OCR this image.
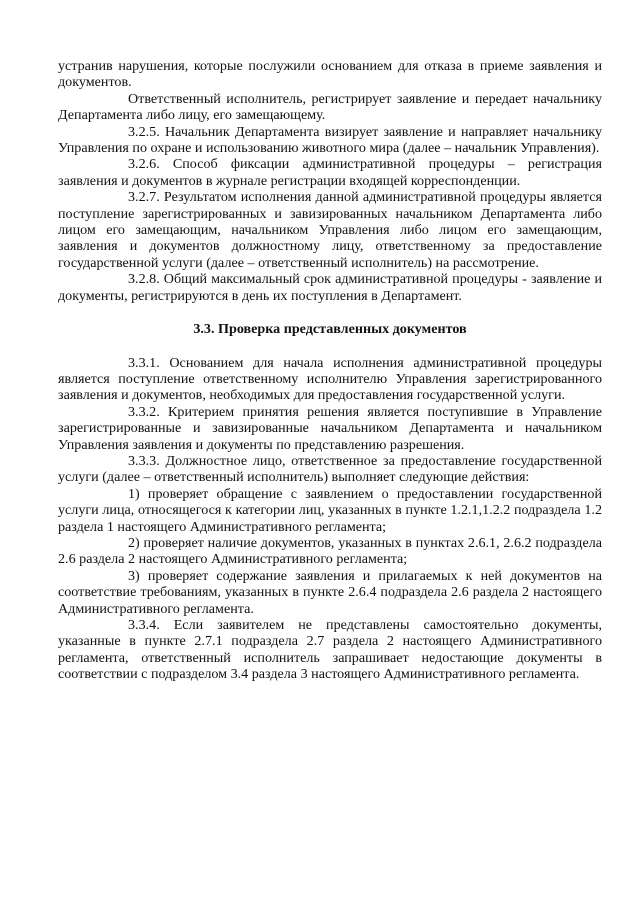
устранив нарушения, которые послужили основанием для отказа в приеме заявления и документов.

Ответственный исполнитель, регистрирует заявление и передает начальнику Департамента либо лицу, его замещающему.

3.2.5. Начальник Департамента визирует заявление и направляет начальнику Управления по охране и использованию животного мира (далее – начальник Управления).

3.2.6. Способ фиксации административной процедуры – регистрация заявления и документов в журнале регистрации входящей корреспонденции.

3.2.7. Результатом исполнения данной административной процедуры является поступление зарегистрированных и завизированных начальником Департамента либо лицом его замещающим, начальником Управления либо лицом его замещающим, заявления и документов должностному лицу, ответственному за предоставление государственной услуги (далее – ответственный исполнитель) на рассмотрение.

3.2.8. Общий максимальный срок административной процедуры - заявление и документы, регистрируются в день их поступления в Департамент.

3.3. Проверка представленных документов

3.3.1. Основанием для начала исполнения административной процедуры является поступление ответственному исполнителю Управления зарегистрированного заявления и документов, необходимых для предоставления государственной услуги.

3.3.2. Критерием принятия решения является поступившие в Управление зарегистрированные и завизированные начальником Департамента и начальником Управления заявления и документы по представлению разрешения.

3.3.3. Должностное лицо, ответственное за предоставление государственной услуги (далее – ответственный исполнитель) выполняет следующие действия:

1) проверяет обращение с заявлением о предоставлении государственной услуги лица, относящегося к категории лиц, указанных в пункте 1.2.1,1.2.2 подраздела 1.2 раздела 1 настоящего Административного регламента;

2) проверяет наличие документов, указанных в пунктах 2.6.1, 2.6.2 подраздела 2.6 раздела 2 настоящего Административного регламента;

3) проверяет содержание заявления и прилагаемых к ней документов на соответствие требованиям, указанных в пункте 2.6.4 подраздела 2.6 раздела 2 настоящего Административного регламента.

3.3.4. Если заявителем не представлены самостоятельно документы, указанные в пункте 2.7.1 подраздела 2.7 раздела 2 настоящего Административного регламента, ответственный исполнитель запрашивает недостающие документы в соответствии с подразделом 3.4 раздела 3 настоящего Административного регламента.
